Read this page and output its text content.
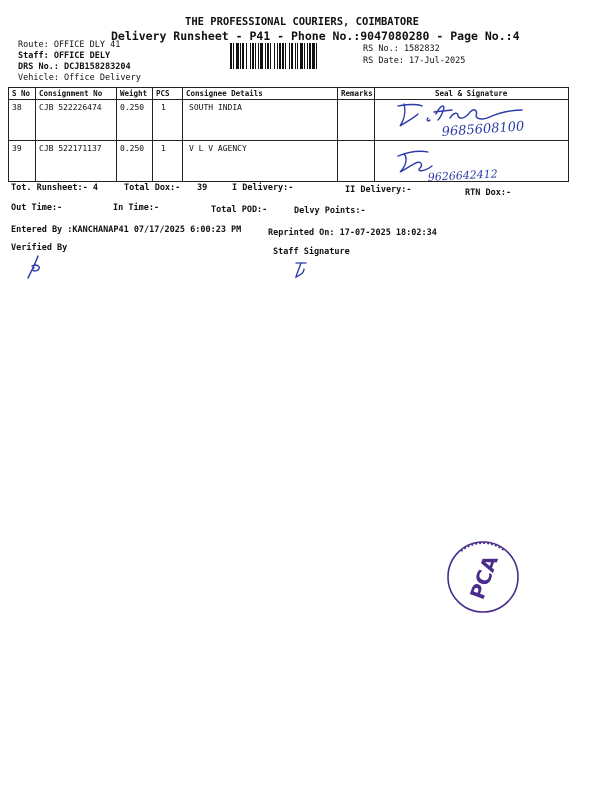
THE PROFESSIONAL COURIERS, COIMBATORE
Delivery Runsheet - P41 - Phone No.:9047080280 - Page No.:4
Route: OFFICE DLY 41
Staff: OFFICE DELY
DRS No.: DCJB158283204
Vehicle: Office Delivery
RS No.: 1582832
RS Date: 17-Jul-2025
S No	Consignment No	Weight	PCS	Consignee Details	Remarks	Seal & Signature
38	CJB 522226474	0.250	1	SOUTH INDIA		
39	CJB 522171137	0.250	1	V L V AGENCY		
9685608100
9626642412
Tot. Runsheet:- 4	Total Dox:- 39	I Delivery:-	II Delivery:-	RTN Dox:-
Out Time:-	In Time:-	Total POD:-	Delvy Points:-
Entered By :KANCHANAP41 07/17/2025 6:00:23 PM	Reprinted On: 17-07-2025 18:02:34
Verified By	Staff Signature
PCA
